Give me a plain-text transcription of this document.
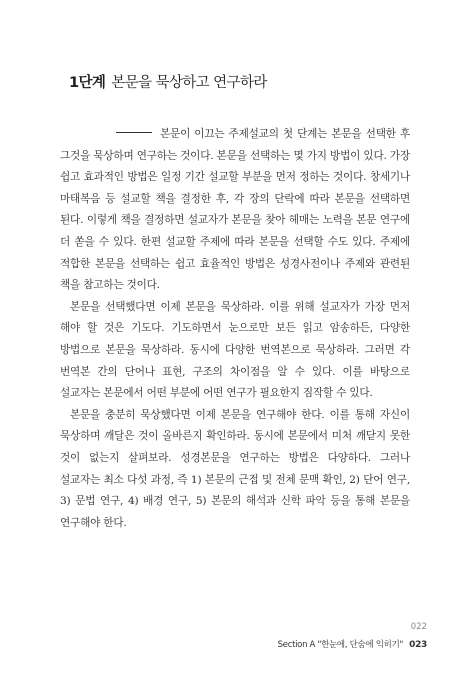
1단계 본문을 묵상하고 연구하라

본문이 이끄는 주제설교의 첫 단계는 본문을 선택한 후 그것을 묵상하며 연구하는 것이다. 본문을 선택하는 몇 가지 방법이 있다. 가장 쉽고 효과적인 방법은 일정 기간 설교할 부분을 먼저 정하는 것이다. 창세기나 마태복음 등 설교할 책을 결정한 후, 각 장의 단락에 따라 본문을 선택하면 된다. 이렇게 책을 결정하면 설교자가 본문을 찾아 헤매는 노력을 본문 연구에 더 쏟을 수 있다. 한편 설교할 주제에 따라 본문을 선택할 수도 있다. 주제에 적합한 본문을 선택하는 쉽고 효율적인 방법은 성경사전이나 주제와 관련된 책을 참고하는 것이다.

본문을 선택했다면 이제 본문을 묵상하라. 이를 위해 설교자가 가장 먼저 해야 할 것은 기도다. 기도하면서 눈으로만 보든 읽고 암송하든, 다양한 방법으로 본문을 묵상하라. 동시에 다양한 번역본으로 묵상하라. 그러면 각 번역본 간의 단어나 표현, 구조의 차이점을 알 수 있다. 이를 바탕으로 설교자는 본문에서 어떤 부분에 어떤 연구가 필요한지 짐작할 수 있다.

본문을 충분히 묵상했다면 이제 본문을 연구해야 한다. 이를 통해 자신이 묵상하며 깨달은 것이 올바른지 확인하라. 동시에 본문에서 미처 깨닫지 못한 것이 없는지 살펴보라. 성경본문을 연구하는 방법은 다양하다. 그러나 설교자는 최소 다섯 과정, 즉 1) 본문의 근접 및 전체 문맥 확인, 2) 단어 연구, 3) 문법 연구, 4) 배경 연구, 5) 본문의 해석과 신학 파악 등을 통해 본문을 연구해야 한다.

022
Section A "한눈에, 단숨에 익히기" 023
